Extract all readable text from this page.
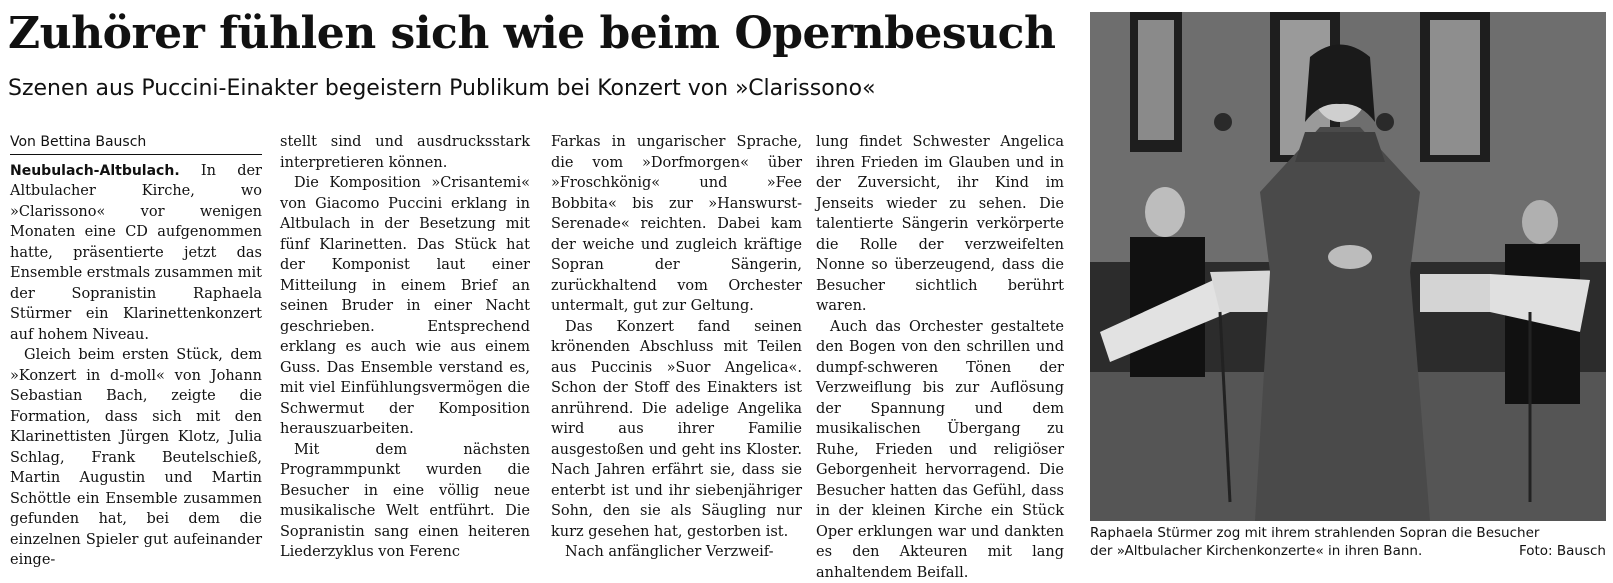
Zuhörer fühlen sich wie beim Opernbesuch
Szenen aus Puccini-Einakter begeistern Publikum bei Konzert von »Clarissono«
Von Bettina Bausch

Neubulach-Altbulach. In der Altbulacher Kirche, wo »Clarissono« vor wenigen Monaten eine CD aufgenommen hatte, präsentierte jetzt das Ensemble erstmals zusammen mit der Sopranistin Raphaela Stürmer ein Klarinettenkonzert auf hohem Niveau.

Gleich beim ersten Stück, dem »Konzert in d-moll« von Johann Sebastian Bach, zeigte die Formation, dass sich mit den Klarinettisten Jürgen Klotz, Julia Schlag, Frank Beutelschieß, Martin Augustin und Martin Schöttle ein Ensemble zusammen gefunden hat, bei dem die einzelnen Spieler gut aufeinander einge-

stellt sind und ausdrucksstark interpretieren können.

Die Komposition »Crisantemi« von Giacomo Puccini erklang in Altbulach in der Besetzung mit fünf Klarinetten. Das Stück hat der Komponist laut einer Mitteilung in einem Brief an seinen Bruder in einer Nacht geschrieben. Entsprechend erklang es auch wie aus einem Guss. Das Ensemble verstand es, mit viel Einfühlungsvermögen die Schwermut der Komposition herauszuarbeiten.

Mit dem nächsten Programmpunkt wurden die Besucher in eine völlig neue musikalische Welt entführt. Die Sopranistin sang einen heiteren Liederzyklus von Ferenc

Farkas in ungarischer Sprache, die vom »Dorfmorgen« über »Froschkönig« und »Fee Bobbita« bis zur »Hanswurst-Serenade« reichten. Dabei kam der weiche und zugleich kräftige Sopran der Sängerin, zurückhaltend vom Orchester untermalt, gut zur Geltung.

Das Konzert fand seinen krönenden Abschluss mit Teilen aus Puccinis »Suor Angelica«. Schon der Stoff des Einakters ist anrührend. Die adelige Angelika wird aus ihrer Familie ausgestoßen und geht ins Kloster. Nach Jahren erfährt sie, dass sie enterbt ist und ihr siebenjähriger Sohn, den sie als Säugling nur kurz gesehen hat, gestorben ist.

Nach anfänglicher Verzweif-

lung findet Schwester Angelica ihren Frieden im Glauben und in der Zuversicht, ihr Kind im Jenseits wieder zu sehen. Die talentierte Sängerin verkörperte die Rolle der verzweifelten Nonne so überzeugend, dass die Besucher sichtlich berührt waren.

Auch das Orchester gestaltete den Bogen von den schrillen und dumpf-schweren Tönen der Verzweiflung bis zur Auflösung der Spannung und dem musikalischen Übergang zu Ruhe, Frieden und religiöser Geborgenheit hervorragend. Die Besucher hatten das Gefühl, dass in der kleinen Kirche ein Stück Oper erklungen war und dankten es den Akteuren mit lang anhaltendem Beifall.

Raphaela Stürmer zog mit ihrem strahlenden Sopran die Besucher
der »Altbulacher Kirchenkonzerte« in ihren Bann.	Foto: Bausch
